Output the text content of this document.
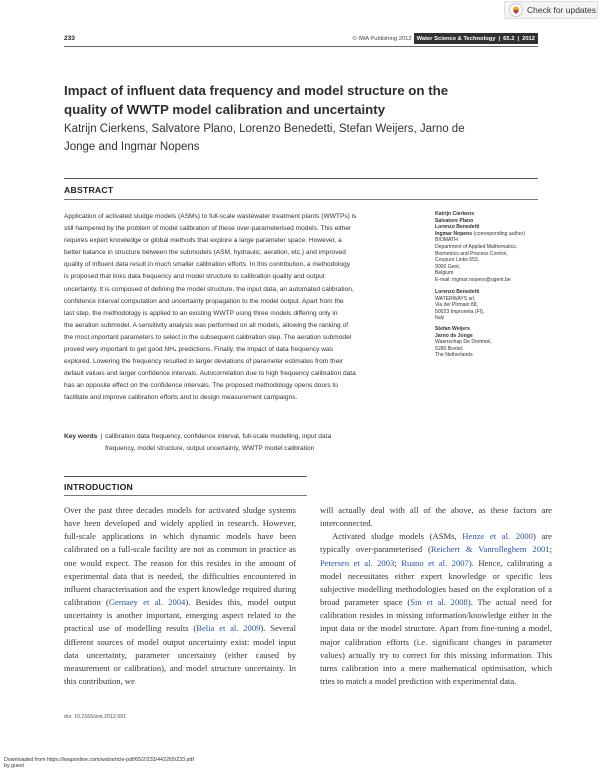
Check for updates
233	© IWA Publishing 2012 Water Science & Technology | 65.2 | 2012
Impact of influent data frequency and model structure on the quality of WWTP model calibration and uncertainty
Katrijn Cierkens, Salvatore Plano, Lorenzo Benedetti, Stefan Weijers, Jarno de Jonge and Ingmar Nopens
ABSTRACT

Application of activated sludge models (ASMs) to full-scale wastewater treatment plants (WWTPs) is

still hampered by the problem of model calibration of these over-parameterised models. This either

requires expert knowledge or global methods that explore a large parameter space. However, a

better balance in structure between the submodels (ASM, hydraulic, aeration, etc.) and improved

quality of influent data result in much smaller calibration efforts. In this contribution, a methodology

is proposed that links data frequency and model structure to calibration quality and output

uncertainty. It is composed of defining the model structure, the input data, an automated calibration,

confidence interval computation and uncertainty propagation to the model output. Apart from the

last step, the methodology is applied to an existing WWTP using three models differing only in

the aeration submodel. A sensitivity analysis was performed on all models, allowing the ranking of

the most important parameters to select in the subsequent calibration step. The aeration submodel

proved very important to get good NH₄ predictions. Finally, the impact of data frequency was

explored. Lowering the frequency resulted in larger deviations of parameter estimates from their

default values and larger confidence intervals. Autocorrelation due to high frequency calibration data

has an opposite effect on the confidence intervals. The proposed methodology opens doors to

facilitate and improve calibration efforts and to design measurement campaigns.

Key words | calibration data frequency, confidence interval, full-scale modelling, input data
frequency, model structure, output uncertainty, WWTP model calibration
Katrijn Cierkens
Salvatore Plano
Lorenzo Benedetti
Ingmar Nopens (corresponding author)
BIOMATH
Department of Applied Mathematics,
Biometrics and Process Control,
Coupure Links 653,
9000 Gent,
Belgium
E-mail: ingmar.nopens@ugent.be
Lorenzo Benedetti
WATERWAYS srl,
Via del PIrmaio 88,
50023 Impruneta (FI),
Italy
Stefan Weijers
Jarno de Jonge
Waterschap De Dommel,
5280 Boxtel,
The Netherlands
INTRODUCTION

Over the past three decades models for activated sludge systems have been developed and widely applied in research. However, full-scale applications in which dynamic models have been calibrated on a full-scale facility are not as common in practice as one would expect. The reason for this resides in the amount of experimental data that is needed, the difficulties encountered in influent characterisation and the expert knowledge required during calibration (Gernaey et al. 2004). Besides this, model output uncertainty is another important, emerging aspect related to the practical use of modelling results (Belia et al. 2009). Several different sources of model output uncertainty exist: model input data uncertainty, parameter uncertainty (either caused by measurement or calibration), and model structure uncertainty. In this contribution, we

will actually deal with all of the above, as these factors are interconnected.

Activated sludge models (ASMs, Henze et al. 2000) are typically over-parameterised (Reichert & Vanrolleghem 2001; Petersen et al. 2003; Ruano et al. 2007). Hence, calibrating a model necessitates either expert knowledge or specific less subjective modelling methodologies based on the exploration of a broad parameter space (Sin et al. 2008). The actual need for calibration resides in missing information/knowledge either in the input data or the model structure. Apart from fine-tuning a model, major calibration efforts (i.e. significant changes in parameter values) actually try to correct for this missing information. This turns calibration into a mere mathematical optimisation, which tries to match a model prediction with experimental data.

doi: 10.2166/wst.2012.081
Downloaded from https://iwaponline.com/wst/article-pdf/65/2/233/442265/233.pdf
by guest
